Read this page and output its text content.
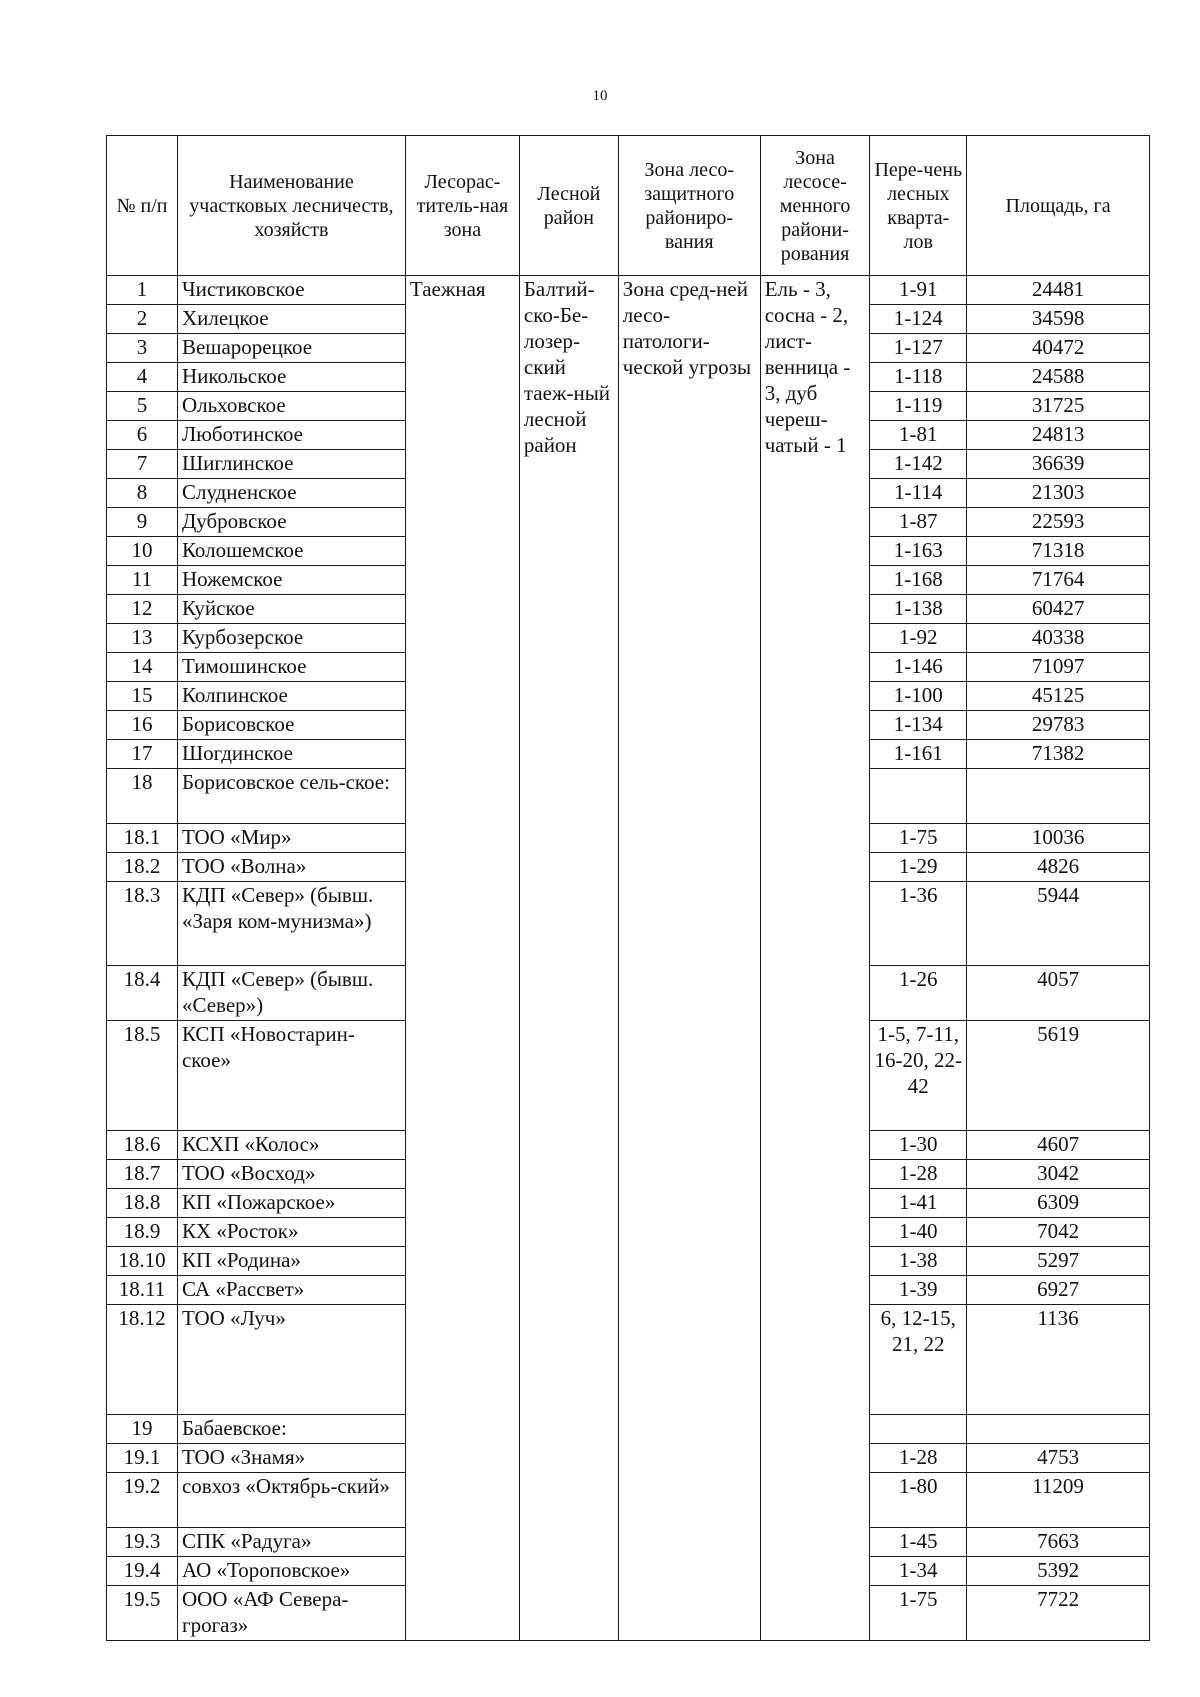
10
№ п/п	Наименование участковых лесничеств, хозяйств	Лесорас-титель-ная зона	Лесной район	Зона лесо-защитного райониро-вания	Зона лесосе-менного райони-рования	Пере-чень лесных кварта-лов	Площадь, га
1	Чистиковское	Таежная	Балтий-ско-Бе-лозер-ский таеж-ный лесной район	Зона сред-ней лесо-патологи-ческой угрозы	Ель - 3, сосна - 2, лист-венница - 3, дуб череш-чатый - 1	1-91	24481
2	Хилецкое					1-124	34598
3	Вешарорецкое					1-127	40472
4	Никольское					1-118	24588
5	Ольховское					1-119	31725
6	Люботинское					1-81	24813
7	Шиглинское					1-142	36639
8	Слудненское					1-114	21303
9	Дубровское					1-87	22593
10	Колошемское					1-163	71318
11	Ножемское					1-168	71764
12	Куйское					1-138	60427
13	Курбозерское					1-92	40338
14	Тимошинское					1-146	71097
15	Колпинское					1-100	45125
16	Борисовское					1-134	29783
17	Шогдинское					1-161	71382
18	Борисовское сель-ское:						
18.1	ТОО «Мир»					1-75	10036
18.2	ТОО «Волна»					1-29	4826
18.3	КДП «Север» (бывш. «Заря ком-мунизма»)					1-36	5944
18.4	КДП «Север» (бывш. «Север»)					1-26	4057
18.5	КСП «Новостарин-ское»					1-5, 7-11, 16-20, 22-42	5619
18.6	КСХП «Колос»					1-30	4607
18.7	ТОО «Восход»					1-28	3042
18.8	КП «Пожарское»					1-41	6309
18.9	КХ «Росток»					1-40	7042
18.10	КП «Родина»					1-38	5297
18.11	СА «Рассвет»					1-39	6927
18.12	ТОО «Луч»					6, 12-15, 21, 22	1136
19	Бабаевское:						
19.1	ТОО «Знамя»					1-28	4753
19.2	совхоз «Октябрь-ский»					1-80	11209
19.3	СПК «Радуга»					1-45	7663
19.4	АО «Тороповское»					1-34	5392
19.5	ООО «АФ Севера-грогаз»					1-75	7722
